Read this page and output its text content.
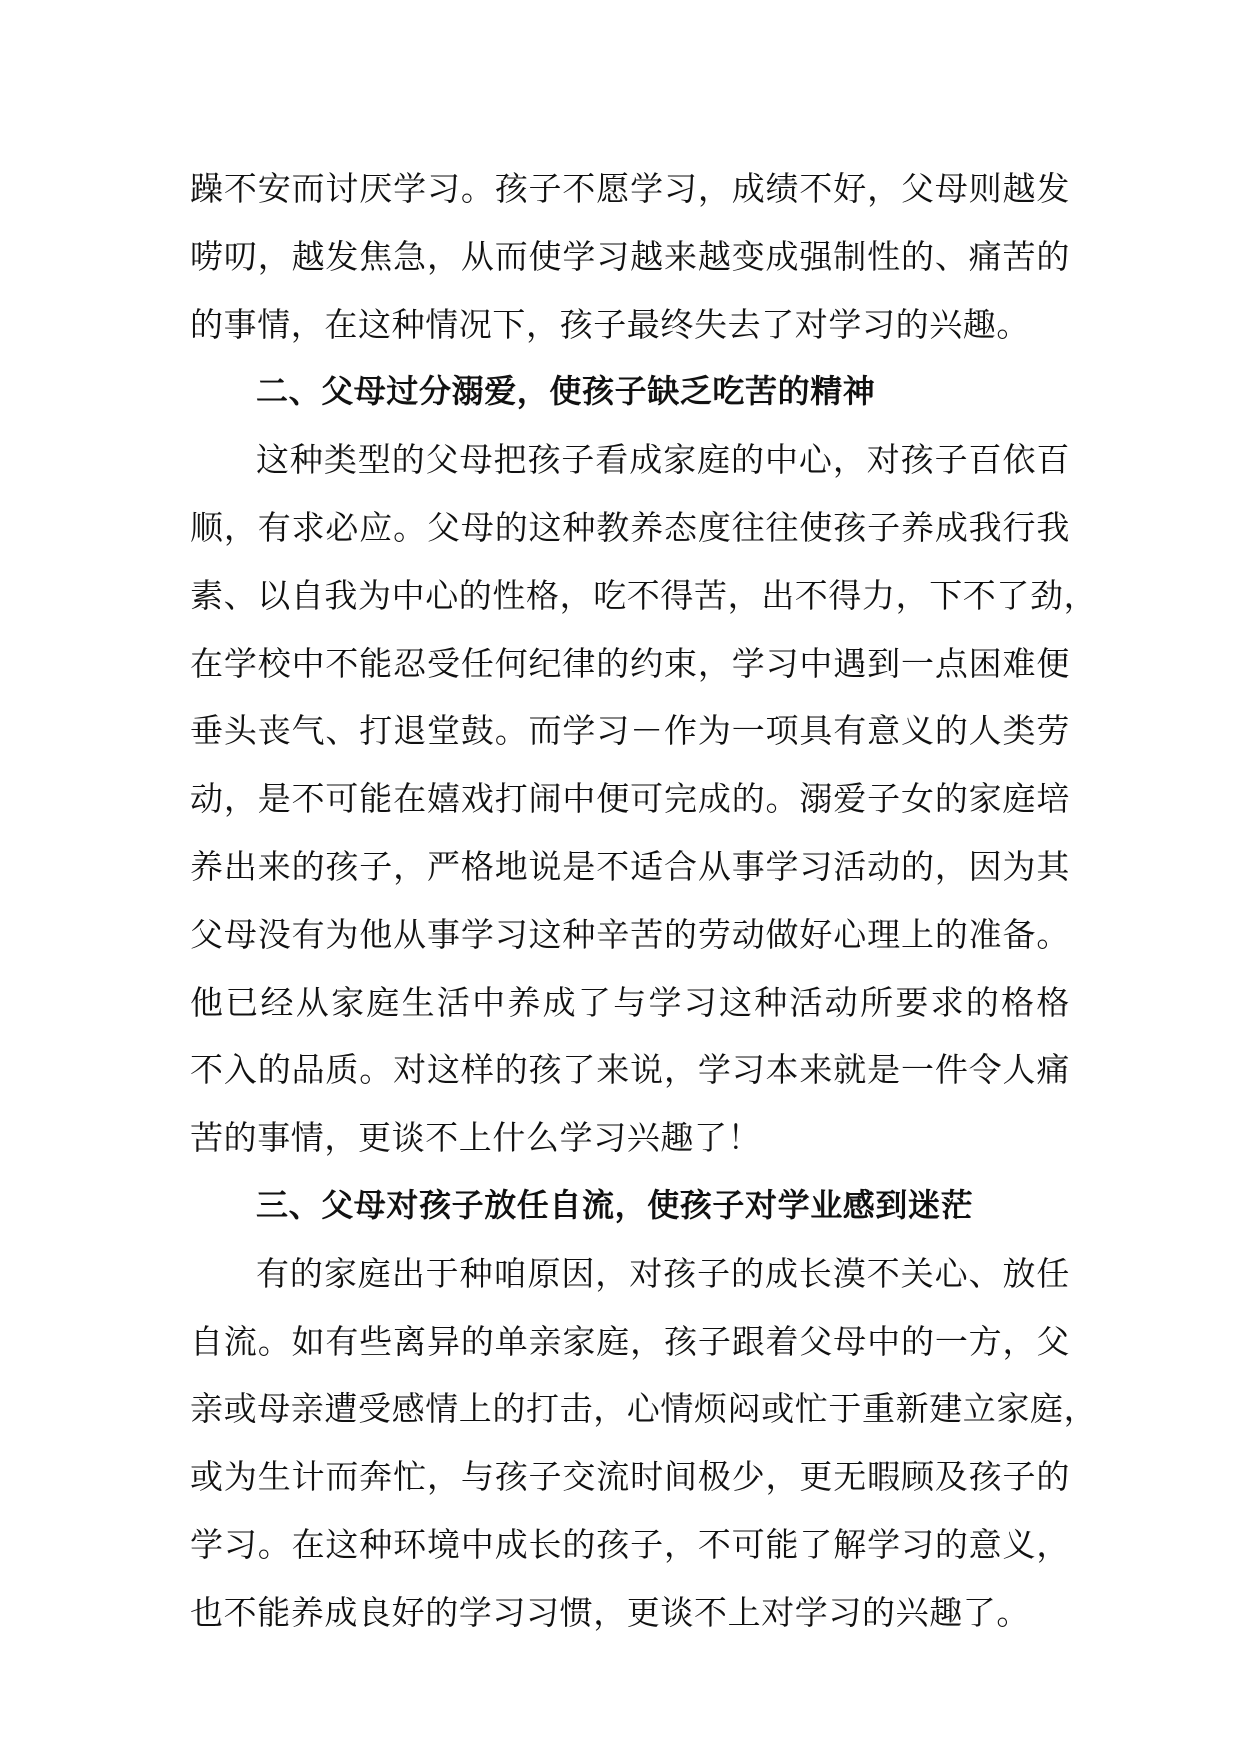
躁不安而讨厌学习。孩子不愿学习，成绩不好，父母则越发
唠叨，越发焦急，从而使学习越来越变成强制性的、痛苦的
的事情，在这种情况下，孩子最终失去了对学习的兴趣。
二、父母过分溺爱，使孩子缺乏吃苦的精神
这种类型的父母把孩子看成家庭的中心，对孩子百依百
顺，有求必应。父母的这种教养态度往往使孩子养成我行我
素、以自我为中心的性格，吃不得苦，出不得力，下不了劲，
在学校中不能忍受任何纪律的约束，学习中遇到一点困难便
垂头丧气、打退堂鼓。而学习－作为一项具有意义的人类劳
动，是不可能在嬉戏打闹中便可完成的。溺爱子女的家庭培
养出来的孩子，严格地说是不适合从事学习活动的，因为其
父母没有为他从事学习这种辛苦的劳动做好心理上的准备。
他已经从家庭生活中养成了与学习这种活动所要求的格格
不入的品质。对这样的孩了来说，学习本来就是一件令人痛
苦的事情，更谈不上什么学习兴趣了！
三、父母对孩子放任自流，使孩子对学业感到迷茫
有的家庭出于种咱原因，对孩子的成长漠不关心、放任
自流。如有些离异的单亲家庭，孩子跟着父母中的一方，父
亲或母亲遭受感情上的打击，心情烦闷或忙于重新建立家庭，
或为生计而奔忙，与孩子交流时间极少，更无暇顾及孩子的
学习。在这种环境中成长的孩子，不可能了解学习的意义，
也不能养成良好的学习习惯，更谈不上对学习的兴趣了。
